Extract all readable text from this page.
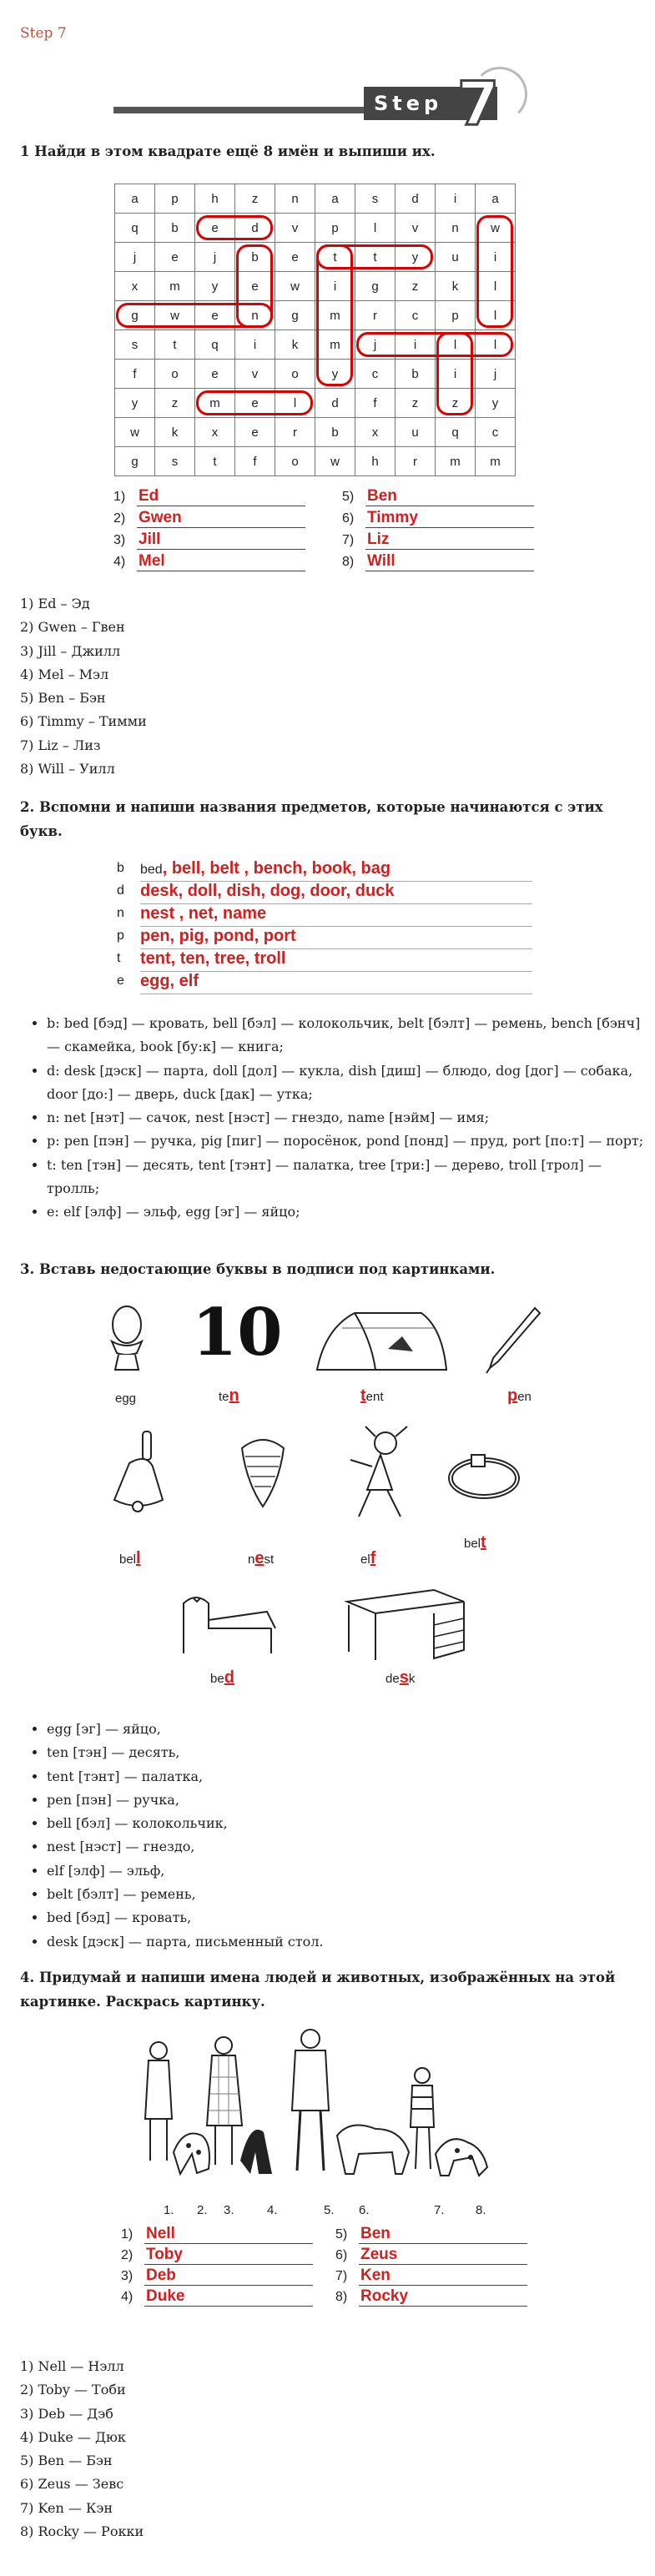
Step 7
Step 7
1 Найди в этом квадрате ещё 8 имён и выпиши их.
a	p	h	z	n	a	s	d	i	a
q	b	e	d	v	p	l	v	n	w
j	e	j	b	e	t	t	y	u	i
x	m	y	e	w	i	g	z	k	l
g	w	e	n	g	m	r	c	p	l
s	t	q	i	k	m	j	i	l	l
f	o	e	v	o	y	c	b	i	j
y	z	m	e	l	d	f	z	z	y
w	k	x	e	r	b	x	u	q	c
g	s	t	f	o	w	h	r	m	m
1) Ed
2) Gwen
3) Jill
4) Mel
5) Ben
6) Timmy
7) Liz
8) Will
1) Ed – Эд
2) Gwen – Гвен
3) Jill – Джилл
4) Mel – Мэл
5) Ben – Бэн
6) Timmy – Тимми
7) Liz – Лиз
8) Will – Уилл
2. Вспомни и напиши названия предметов, которые начинаются с этих букв.
b bed, bell, belt , bench, book, bag
d desk, doll, dish, dog, door, duck
n nest , net, name
p pen, pig, pond, port
t tent, ten, tree, troll
e egg, elf
• b: bed [бэд] — кровать, bell [бэл] — колокольчик, belt [бэлт] — ремень, bench [бэнч] — скамейка, book [бу:к] — книга;
• d: desk [дэск] — парта, doll [дол] — кукла, dish [диш] — блюдо, dog [дог] — собака, door [до:] — дверь, duck [дак] — утка;
• n: net [нэт] — сачок, nest [нэст] — гнездо, name [нэйм] — имя;
• p: pen [пэн] — ручка, pig [пиг] — поросёнок, pond [понд] — пруд, port [по:т] — порт;
• t: ten [тэн] — десять, tent [тэнт] — палатка, tree [три:] — дерево, troll [трол] — тролль;
• e: elf [элф] — эльф, egg [эг] — яйцо;
3. Вставь недостающие буквы в подписи под картинками.
10
egg	ten	tent	pen
bell	nest	elf
belt
bed	desk
• egg [эг] — яйцо,
• ten [тэн] — десять,
• tent [тэнт] — палатка,
• pen [пэн] — ручка,
• bell [бэл] — колокольчик,
• nest [нэст] — гнездо,
• elf [элф] — эльф,
• belt [бэлт] — ремень,
• bed [бэд] — кровать,
• desk [дэск] — парта, письменный стол.
4. Придумай и напиши имена людей и животных, изображённых на этой картинке. Раскрась картинку.
1. 2. 3.	4.	5. 6.	7. 8.
1) Nell
2) Toby
3) Deb
4) Duke
5) Ben
6) Zeus
7) Ken
8) Rocky
1) Nell — Нэлл
2) Toby — Тоби
3) Deb — Дэб
4) Duke — Дюк
5) Ben — Бэн
6) Zeus — Зевс
7) Ken — Кэн
8) Rocky — Рокки
